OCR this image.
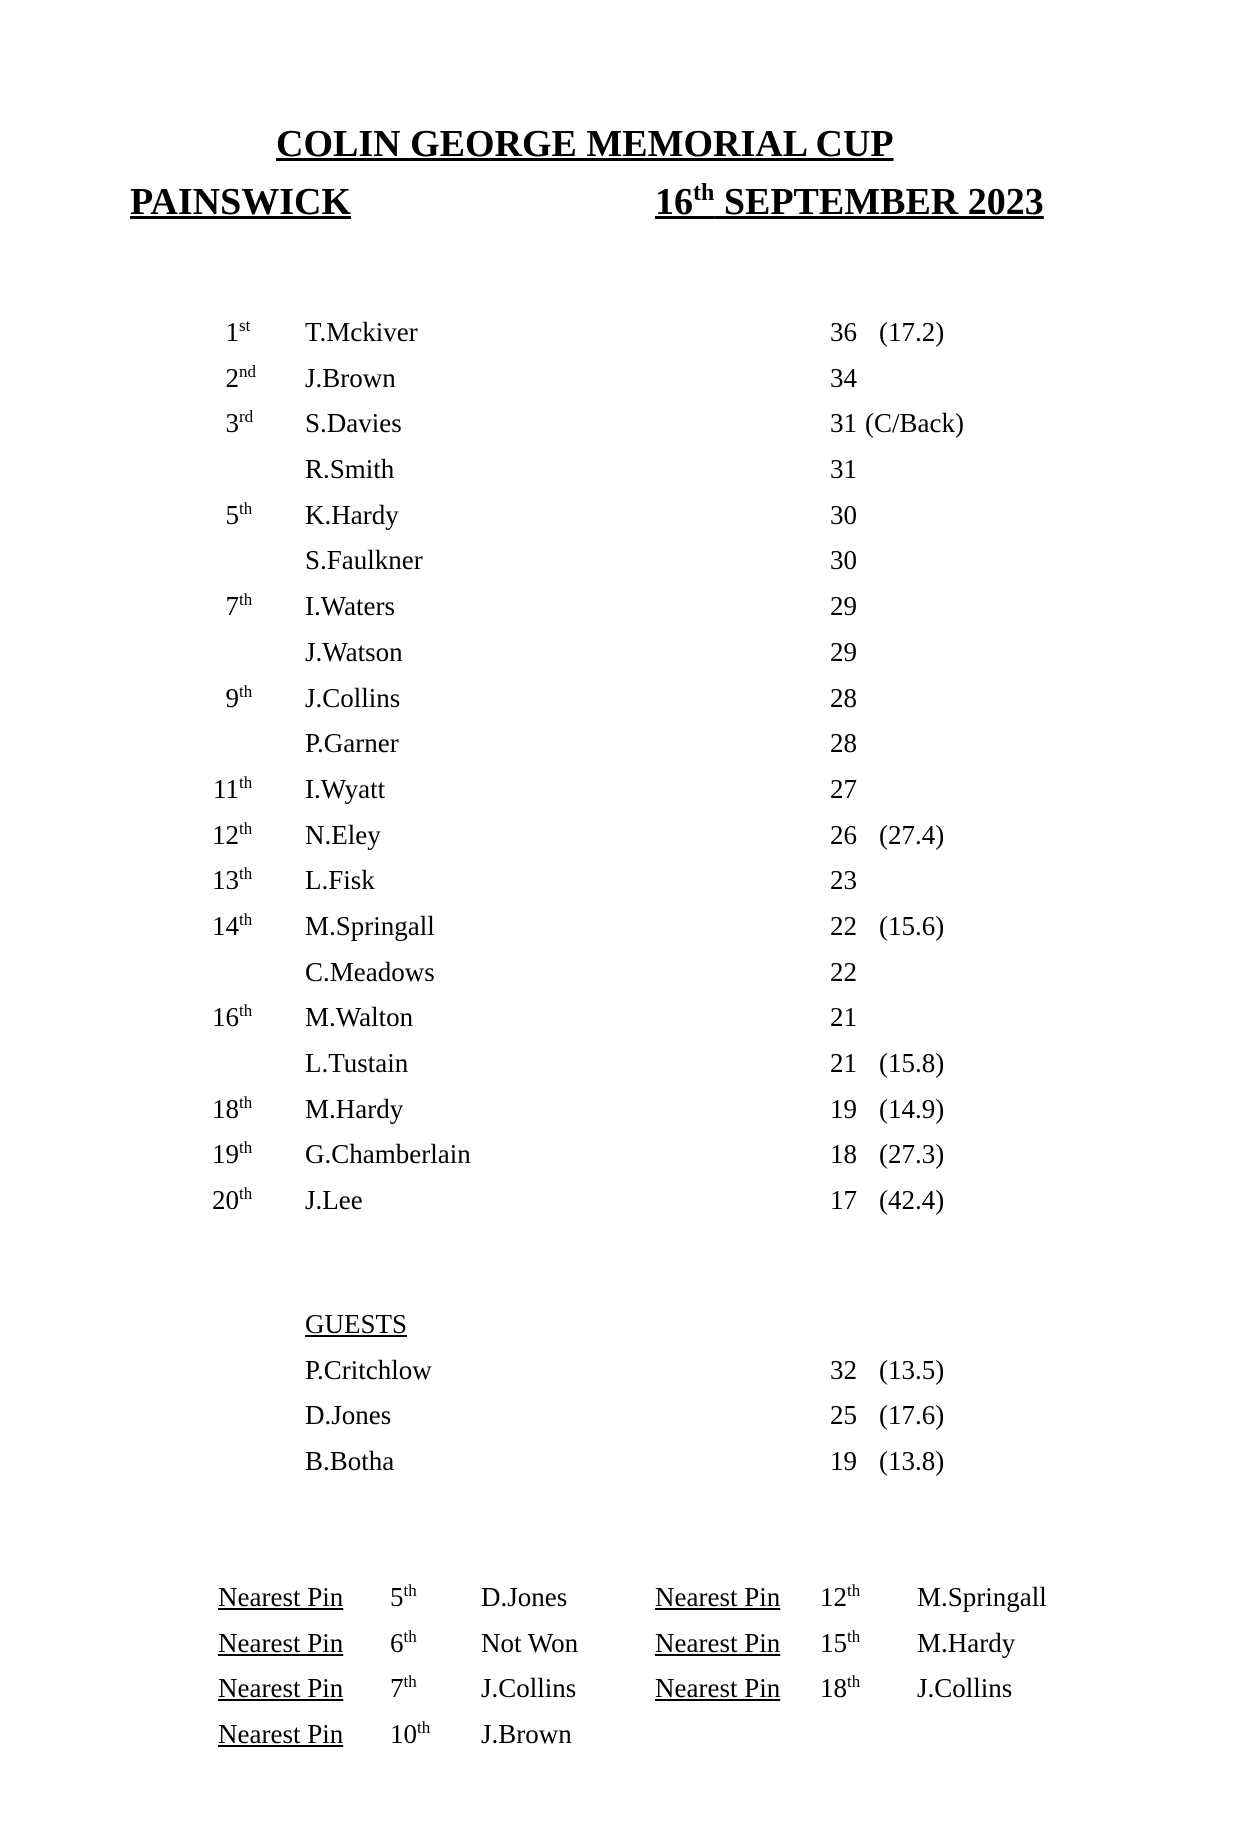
COLIN GEORGE MEMORIAL CUP
PAINSWICK	16th SEPTEMBER 2023
1st	T.Mckiver	36 (17.2)
2nd J.Brown	34
3rd S.Davies	31 (C/Back)
R.Smith	31
5th K.Hardy	30
S.Faulkner	30
7th I.Waters	29
J.Watson	29
9th J.Collins	28
P.Garner	28
11th I.Wyatt	27
12th N.Eley	26 (27.4)
13th L.Fisk	23
14th M.Springall	22 (15.6)
C.Meadows	22
16th M.Walton	21
L.Tustain	21 (15.8)
18th M.Hardy	19 (14.9)
19th G.Chamberlain	18 (27.3)
20th J.Lee	17 (42.4)
GUESTS
P.Critchlow	32 (13.5)
D.Jones	25 (17.6)
B.Botha	19 (13.8)
Nearest Pin 5th D.Jones	Nearest Pin 12th M.Springall
Nearest Pin 6th Not Won	Nearest Pin 15th M.Hardy
Nearest Pin 7th J.Collins	Nearest Pin 18th J.Collins
Nearest Pin 10th J.Brown
